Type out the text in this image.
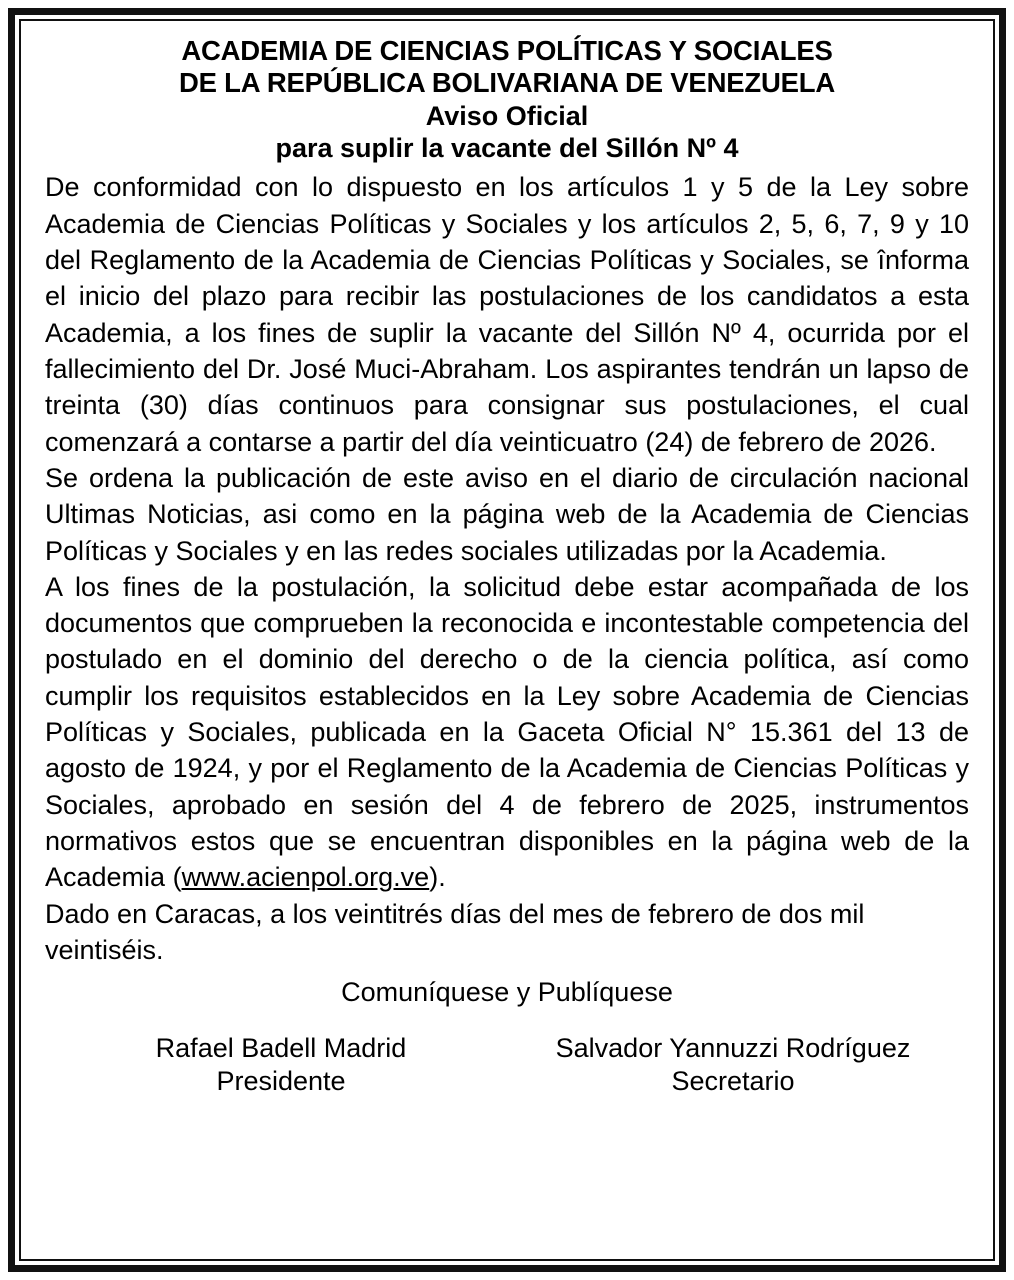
ACADEMIA DE CIENCIAS POLÍTICAS Y SOCIALES
DE LA REPÚBLICA BOLIVARIANA DE VENEZUELA
Aviso Oficial
para suplir la vacante del Sillón Nº 4

De conformidad con lo dispuesto en los artículos 1 y 5 de la Ley sobre Academia de Ciencias Políticas y Sociales y los artículos 2, 5, 6, 7, 9 y 10 del Reglamento de la Academia de Ciencias Políticas y Sociales, se înforma el inicio del plazo para recibir las postulaciones de los candidatos a esta Academia, a los fines de suplir la vacante del Sillón Nº 4, ocurrida por el fallecimiento del Dr. José Muci-Abraham. Los aspirantes tendrán un lapso de treinta (30) días continuos para consignar sus postulaciones, el cual comenzará a contarse a partir del día veinticuatro (24) de febrero de 2026.

Se ordena la publicación de este aviso en el diario de circulación nacional Ultimas Noticias, asi como en la página web de la Academia de Ciencias Políticas y Sociales y en las redes sociales utilizadas por la Academia.

A los fines de la postulación, la solicitud debe estar acompañada de los documentos que comprueben la reconocida e incontestable competencia del postulado en el dominio del derecho o de la ciencia política, así como cumplir los requisitos establecidos en la Ley sobre Academia de Ciencias Políticas y Sociales, publicada en la Gaceta Oficial N° 15.361 del 13 de agosto de 1924, y por el Reglamento de la Academia de Ciencias Políticas y Sociales, aprobado en sesión del 4 de febrero de 2025, instrumentos normativos estos que se encuentran disponibles en la página web de la Academia (www.acienpol.org.ve).

Dado en Caracas, a los veintitrés días del mes de febrero de dos mil veintiséis.

Comuníquese y Publíquese
Rafael Badell Madrid
Presidente
Salvador Yannuzzi Rodríguez
Secretario
